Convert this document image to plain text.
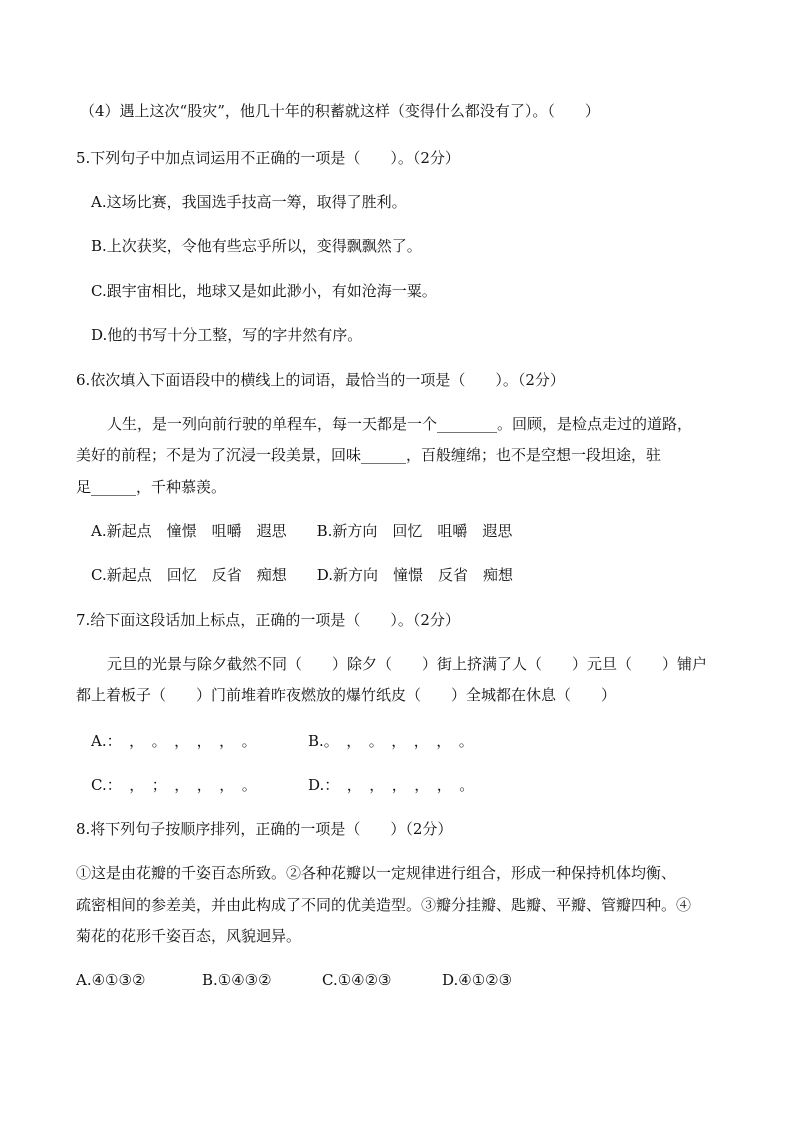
（4）遇上这次“股灾”，他几十年的积蓄就这样（变得什么都没有了）。（　　）
5.下列句子中加点词运用不正确的一项是（　　）。（2分）
A.这场比赛，我国选手技高一筹，取得了胜利。
B.上次获奖，令他有些忘乎所以，变得飘飘然了。
C.跟宇宙相比，地球又是如此渺小，有如沧海一粟。
D.他的书写十分工整，写的字井然有序。
6.依次填入下面语段中的横线上的词语，最恰当的一项是（　　）。（2分）
人生，是一列向前行驶的单程车，每一天都是一个________。回顾，是检点走过的道路，
美好的前程；不是为了沉浸一段美景，回味______，百般缠绵；也不是空想一段坦途，驻
足______，千种慕羡。
A.新起点　憧憬　咀嚼　遐思　　B.新方向　回忆　咀嚼　遐思
C.新起点　回忆　反省　痴想　　D.新方向　憧憬　反省　痴想
7.给下面这段话加上标点，正确的一项是（　　）。（2分）
元旦的光景与除夕截然不同（　　）除夕（　　）街上挤满了人（　　）元旦（　　）铺户
都上着板子（　　）门前堆着昨夜燃放的爆竹纸皮（　　）全城都在休息（　　）
A.：　，　。　，　，　，　。	B.。　，　。　，　，　，　。
C.：　，　；　，　，　，　。	D.：　，　，　，　，　，　。
8.将下列句子按顺序排列，正确的一项是（　　）（2分）
①这是由花瓣的千姿百态所致。②各种花瓣以一定规律进行组合，形成一种保持机体均衡、
疏密相间的参差美，并由此构成了不同的优美造型。③瓣分挂瓣、匙瓣、平瓣、管瓣四种。④
菊花的花形千姿百态，风貌迥异。
A.④①③②	B.①④③②	C.①④②③	D.④①②③
